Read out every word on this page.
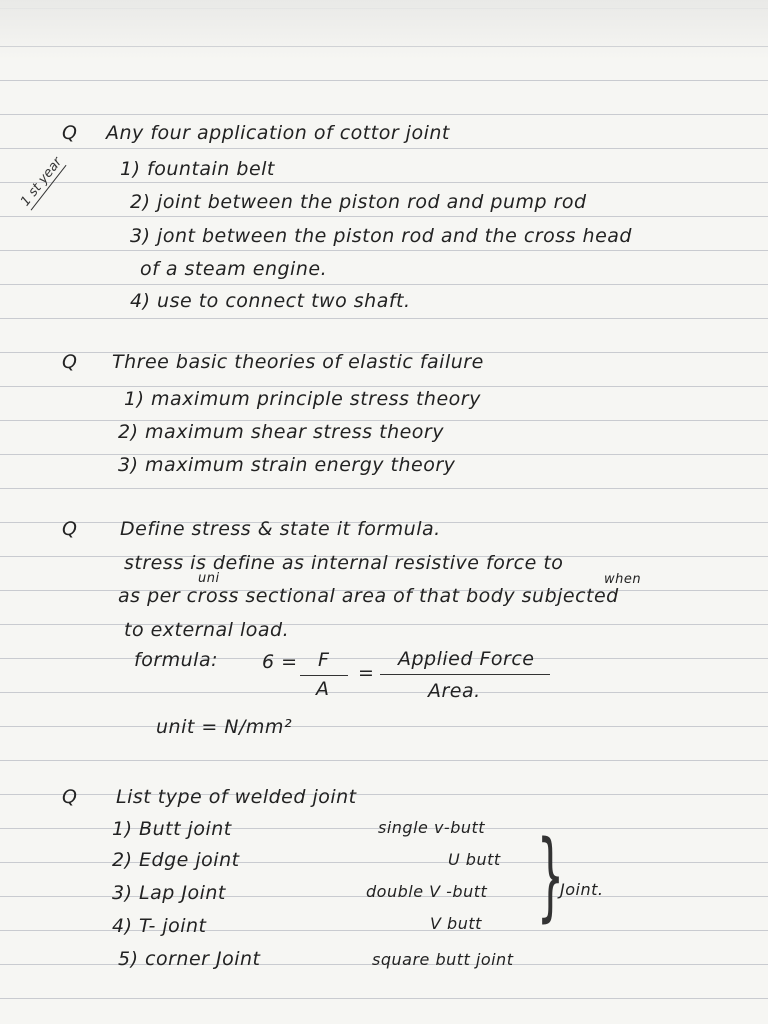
1 st year
Q Any four application of cottor joint
1) fountain belt
2) joint between the piston rod and pump rod
3) jont between the piston rod and the cross head
of a steam engine.
4) use to connect two shaft.
Q Three basic theories of elastic failure
1) maximum principle stress theory
2) maximum shear stress theory
3) maximum strain energy theory
Q Define stress & state it formula.
stress is define as internal resistive force to
uni	when
as per cross sectional area of that body subjected
to external load.
formula: 6 = F
A
=
Applied Force
Area.
unit = N/mm²
Q List type of welded joint
1) Butt joint
2) Edge joint
3) Lap Joint
4) T- joint
5) corner Joint
single v-butt
U butt
double V -butt
V butt
square butt joint
}
Joint.
